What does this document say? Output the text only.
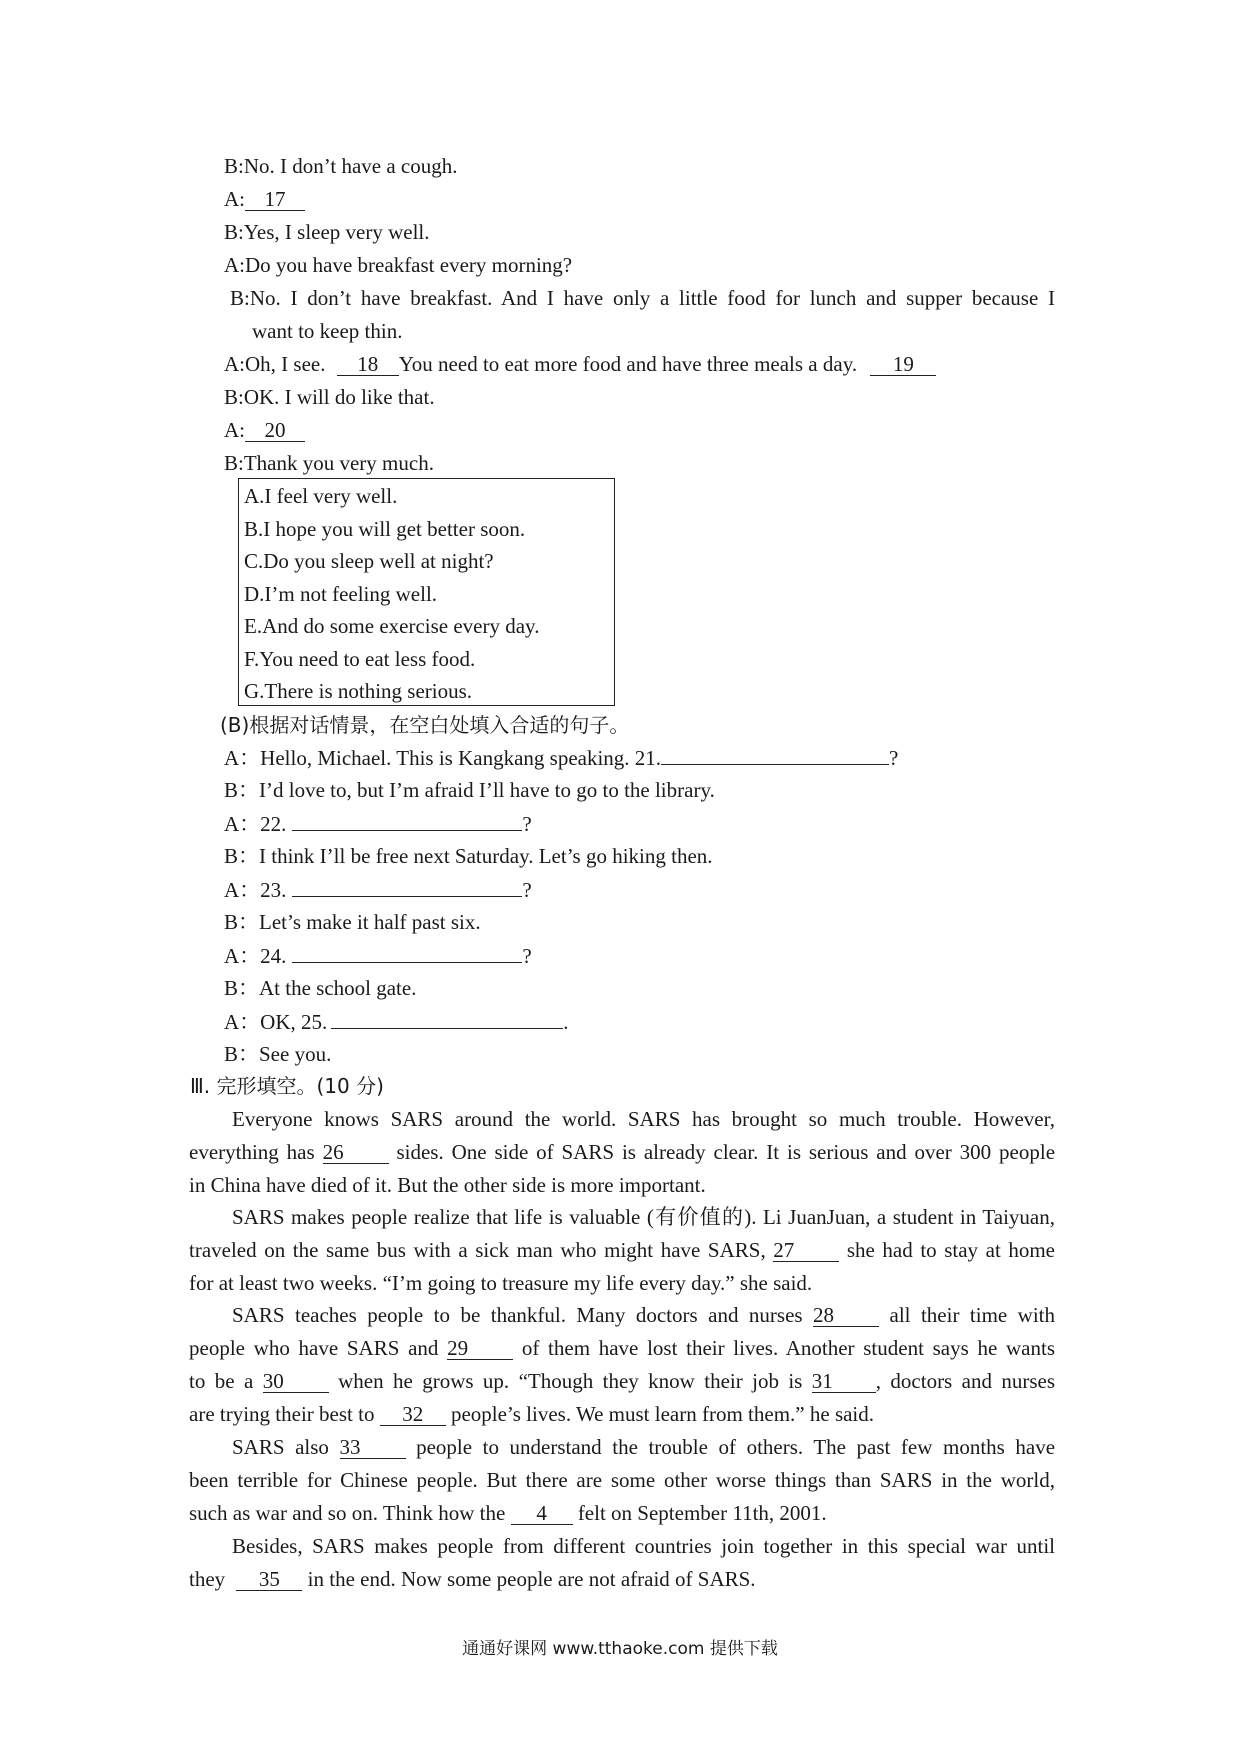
B:No. I don’t have a cough.
A: 17
B:Yes, I sleep very well.
A:Do you have breakfast every morning?
B:No. I don’t have breakfast. And I have only a little food for lunch and supper because I
want to keep thin.
A:Oh, I see. 18 You need to eat more food and have three meals a day. 19
B:OK. I will do like that.
A: 20
B:Thank you very much.
A.I feel very well.
B.I hope you will get better soon.
C.Do you sleep well at night?
D.I’m not feeling well.
E.And do some exercise every day.
F.You need to eat less food.
G.There is nothing serious.
(B)根据对话情景，在空白处填入合适的句子。
A：Hello, Michael. This is Kangkang speaking. 21.	?
B：I’d love to, but I’m afraid I’ll have to go to the library.
A：22.	?
B：I think I’ll be free next Saturday. Let’s go hiking then.
A：23.	?
B：Let’s make it half past six.
A：24.	?
B：At the school gate.
A：OK, 25.	.
B：See you.
Ⅲ. 完形填空。(10 分)
Everyone knows SARS around the world. SARS has brought so much trouble. However,
everything has 26	sides. One side of SARS is already clear. It is serious and over 300 people
in China have died of it. But the other side is more important.
SARS makes people realize that life is valuable (有价值的). Li JuanJuan, a student in Taiyuan,
traveled on the same bus with a sick man who might have SARS, 27	she had to stay at home
for at least two weeks. “I’m going to treasure my life every day.” she said.
SARS teaches people to be thankful. Many doctors and nurses 28	all their time with
people who have SARS and 29	of them have lost their lives. Another student says he wants
to be a 30	when he grows up. “Though they know their job is 31 , doctors and nurses
are trying their best to 32 people’s lives. We must learn from them.” he said.
SARS also 33	people to understand the trouble of others. The past few months have
been terrible for Chinese people. But there are some other worse things than SARS in the world,
such as war and so on. Think how the 4 felt on September 11th, 2001.
Besides, SARS makes people from different countries join together in this special war until
they 35 in the end. Now some people are not afraid of SARS.
通通好课网 www.tthaoke.com 提供下载
